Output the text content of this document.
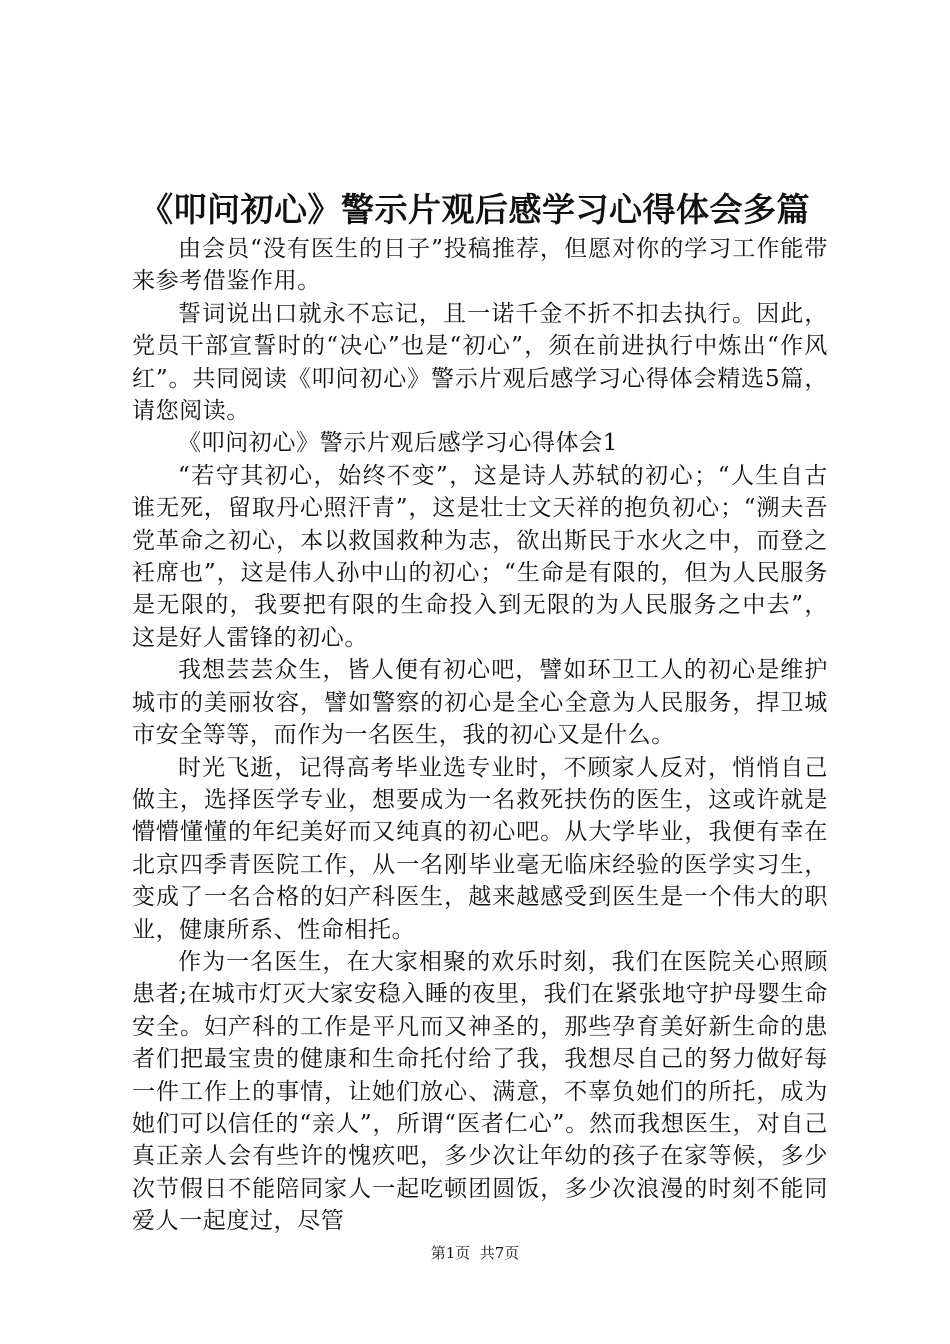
《叩问初心》警示片观后感学习心得体会多篇

由会员“没有医生的日子”投稿推荐，但愿对你的学习工作能带来参考借鉴作用。

誓词说出口就永不忘记，且一诺千金不折不扣去执行。因此，党员干部宣誓时的“决心”也是“初心”，须在前进执行中炼出“作风红”。共同阅读《叩问初心》警示片观后感学习心得体会精选5篇，请您阅读。

《叩问初心》警示片观后感学习心得体会1

“若守其初心，始终不变”，这是诗人苏轼的初心；“人生自古谁无死，留取丹心照汗青”，这是壮士文天祥的抱负初心；“溯夫吾党革命之初心，本以救国救种为志，欲出斯民于水火之中，而登之衽席也”，这是伟人孙中山的初心；“生命是有限的，但为人民服务是无限的，我要把有限的生命投入到无限的为人民服务之中去”，这是好人雷锋的初心。

我想芸芸众生，皆人便有初心吧，譬如环卫工人的初心是维护城市的美丽妆容，譬如警察的初心是全心全意为人民服务，捍卫城市安全等等，而作为一名医生，我的初心又是什么。

时光飞逝，记得高考毕业选专业时，不顾家人反对，悄悄自己做主，选择医学专业，想要成为一名救死扶伤的医生，这或许就是懵懵懂懂的年纪美好而又纯真的初心吧。从大学毕业，我便有幸在北京四季青医院工作，从一名刚毕业毫无临床经验的医学实习生，变成了一名合格的妇产科医生，越来越感受到医生是一个伟大的职业，健康所系、性命相托。

作为一名医生，在大家相聚的欢乐时刻，我们在医院关心照顾患者;在城市灯灭大家安稳入睡的夜里，我们在紧张地守护母婴生命安全。妇产科的工作是平凡而又神圣的，那些孕育美好新生命的患者们把最宝贵的健康和生命托付给了我，我想尽自己的努力做好每一件工作上的事情，让她们放心、满意，不辜负她们的所托，成为她们可以信任的“亲人”，所谓“医者仁心”。然而我想医生，对自己真正亲人会有些许的愧疚吧，多少次让年幼的孩子在家等候，多少次节假日不能陪同家人一起吃顿团圆饭，多少次浪漫的时刻不能同爱人一起度过，尽管

第1页  共7页
